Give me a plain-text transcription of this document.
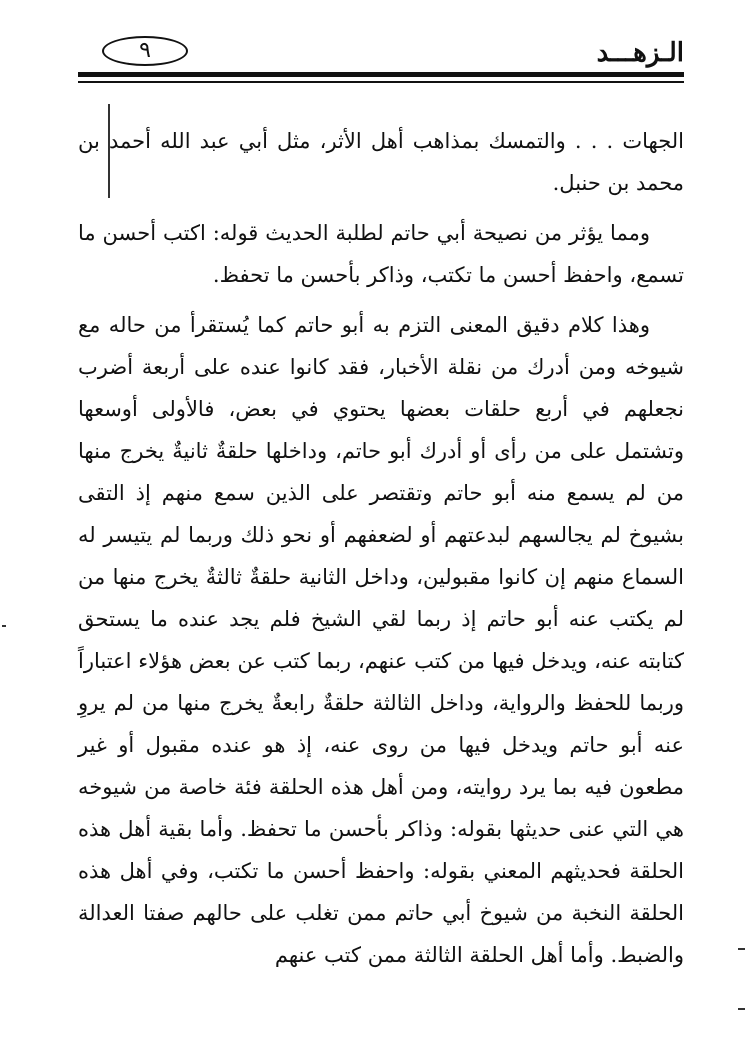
٩	الـزهـــد

الجهات . . . والتمسك بمذاهب أهل الأثر، مثل أبي عبد الله أحمد بن محمد بن حنبل.

ومما يؤثر من نصيحة أبي حاتم لطلبة الحديث قوله: اكتب أحسن ما تسمع، واحفظ أحسن ما تكتب، وذاكر بأحسن ما تحفظ.

وهذا كلام دقيق المعنى التزم به أبو حاتم كما يُستقرأ من حاله مع شيوخه ومن أدرك من نقلة الأخبار، فقد كانوا عنده على أربعة أضرب نجعلهم في أربع حلقات بعضها يحتوي في بعض، فالأولى أوسعها وتشتمل على من رأى أو أدرك أبو حاتم، وداخلها حلقةٌ ثانيةٌ يخرج منها من لم يسمع منه أبو حاتم وتقتصر على الذين سمع منهم إذ التقى بشيوخ لم يجالسهم لبدعتهم أو لضعفهم أو نحو ذلك وربما لم يتيسر له السماع منهم إن كانوا مقبولين، وداخل الثانية حلقةٌ ثالثةٌ يخرج منها من لم يكتب عنه أبو حاتم إذ ربما لقي الشيخ فلم يجد عنده ما يستحق كتابته عنه، ويدخل فيها من كتب عنهم، ربما كتب عن بعض هؤلاء اعتباراً وربما للحفظ والرواية، وداخل الثالثة حلقةٌ رابعةٌ يخرج منها من لم يروِ عنه أبو حاتم ويدخل فيها من روى عنه، إذ هو عنده مقبول أو غير مطعون فيه بما يرد روايته، ومن أهل هذه الحلقة فئة خاصة من شيوخه هي التي عنى حديثها بقوله: وذاكر بأحسن ما تحفظ. وأما بقية أهل هذه الحلقة فحديثهم المعني بقوله: واحفظ أحسن ما تكتب، وفي أهل هذه الحلقة النخبة من شيوخ أبي حاتم ممن تغلب على حالهم صفتا العدالة والضبط. وأما أهل الحلقة الثالثة ممن كتب عنهم
